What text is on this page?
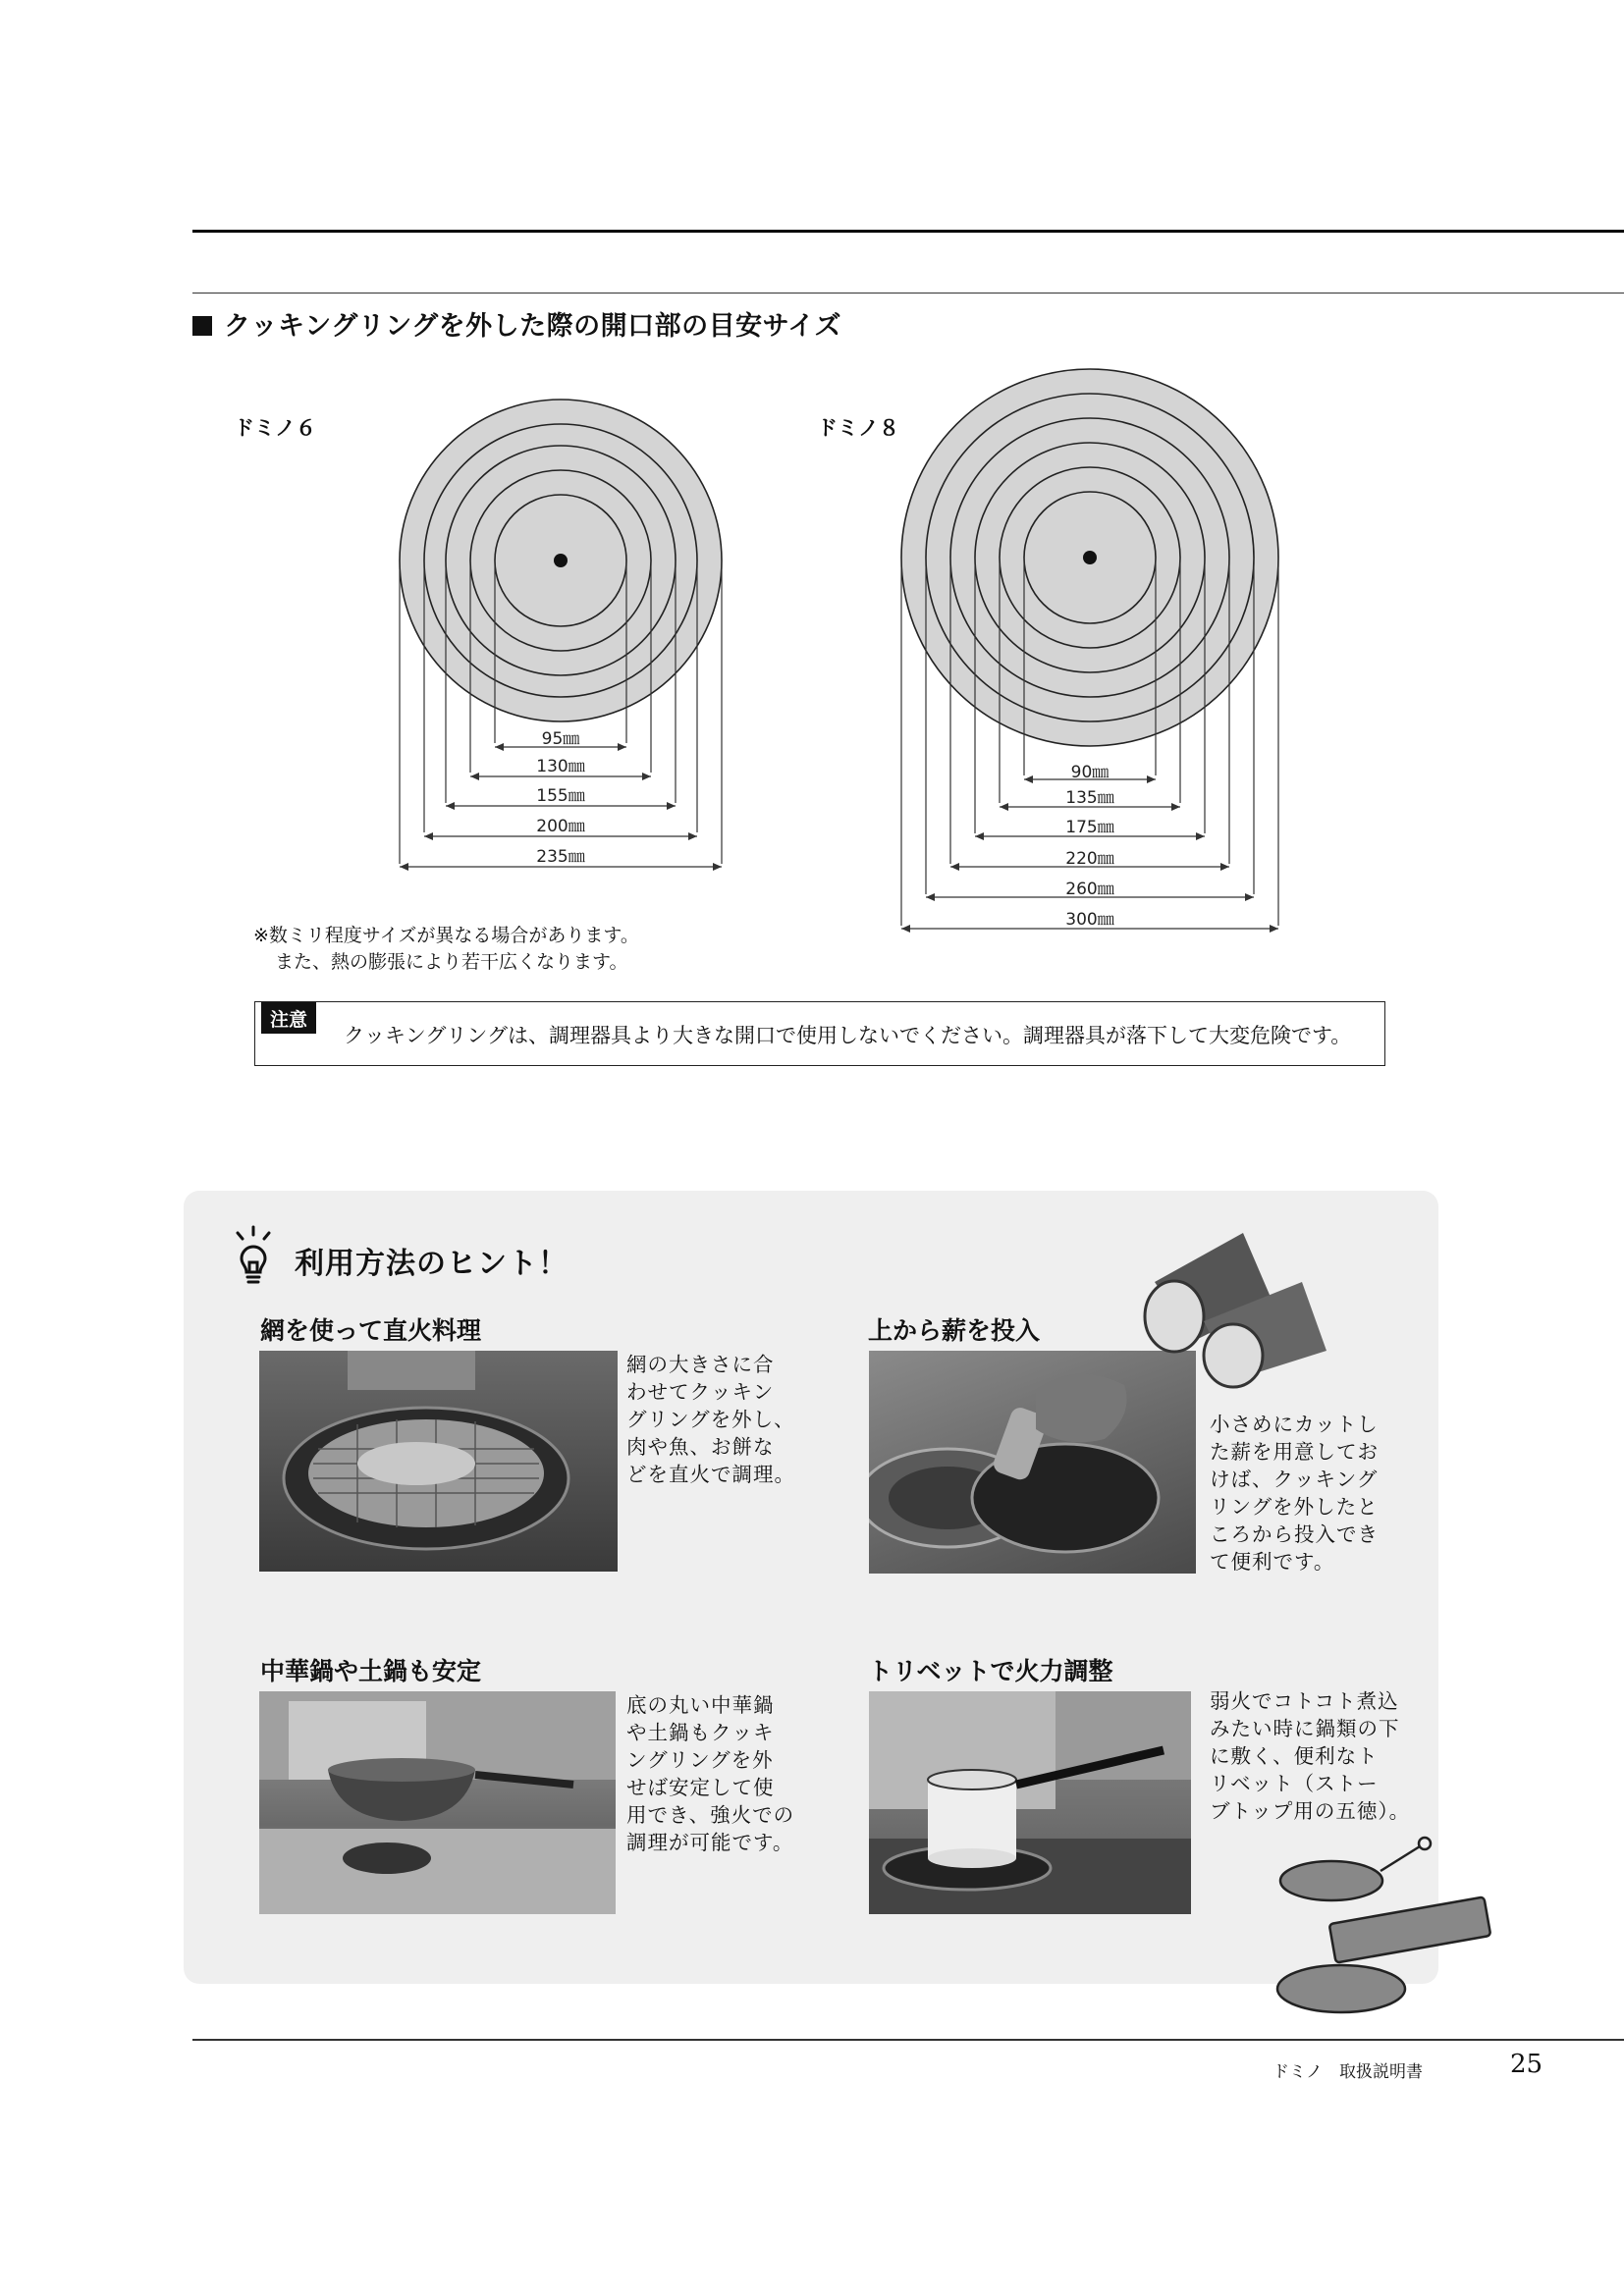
クッキングリングを外した際の開口部の目安サイズ
ドミノ６	ドミノ８
95㎜
130㎜
155㎜
200㎜
235㎜
90㎜
135㎜
175㎜
220㎜
260㎜
300㎜
※数ミリ程度サイズが異なる場合があります。
また、熱の膨張により若干広くなります。
注意
クッキングリングは、調理器具より大きな開口で使用しないでください。調理器具が落下して大変危険です。
利用方法のヒント！
網を使って直火料理
網の大きさに合
わせてクッキン
グリングを外し、
肉や魚、お餅な
どを直火で調理。
上から薪を投入
小さめにカットし
た薪を用意してお
けば、クッキング
リングを外したと
ころから投入でき
て便利です。
中華鍋や土鍋も安定
底の丸い中華鍋
や土鍋もクッキ
ングリングを外
せば安定して使
用でき、強火での
調理が可能です。
トリベットで火力調整
弱火でコトコト煮込
みたい時に鍋類の下
に敷く、便利なト
リベット（ストー
ブトップ用の五徳）。
ドミノ　取扱説明書	25
